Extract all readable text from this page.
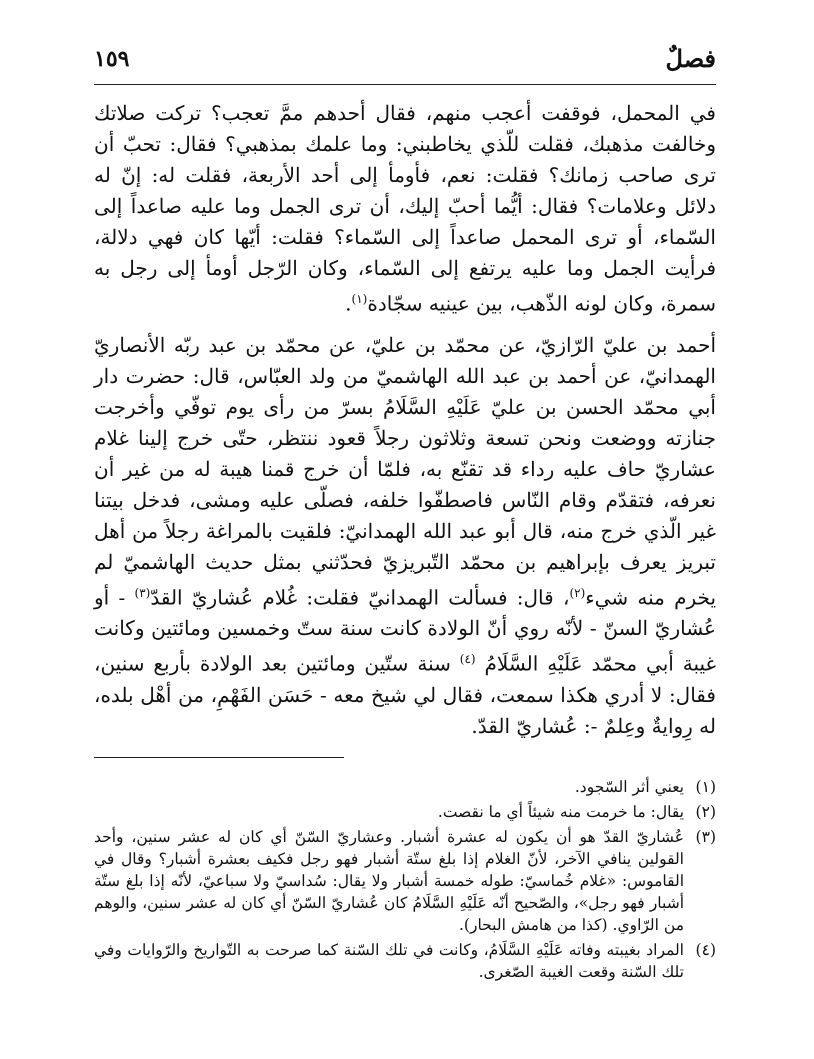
فصلٌ
١٥٩

في المحمل، فوقفت أعجب منهم، فقال أحدهم ممَّ تعجب؟ تركت صلاتك وخالفت مذهبك، فقلت للّذي يخاطبني: وما علمك بمذهبي؟ فقال: تحبّ أن ترى صاحب زمانك؟ فقلت: نعم، فأومأ إلى أحد الأربعة، فقلت له: إنّ له دلائل وعلامات؟ فقال: أيُّما أحبّ إليك، أن ترى الجمل وما عليه صاعداً إلى السّماء، أو ترى المحمل صاعداً إلى السّماء؟ فقلت: أيّها كان فهي دلالة، فرأيت الجمل وما عليه يرتفع إلى السّماء، وكان الرّجل أومأ إلى رجل به سمرة، وكان لونه الذّهب، بين عينيه سجّادة$^{(١)}$.

أحمد بن عليّ الرّازيّ، عن محمّد بن عليّ، عن محمّد بن عبد ربّه الأنصاريّ الهمدانيّ، عن أحمد بن عبد الله الهاشميّ من ولد العبّاس، قال: حضرت دار أبي محمّد الحسن بن عليّ عَلَيْهِ السَّلَامُ بسرّ من رأى يوم توفّي وأخرجت جنازته ووضعت ونحن تسعة وثلاثون رجلاً قعود ننتظر، حتّى خرج إلينا غلام عشاريّ حاف عليه رداء قد تقنّع به، فلمّا أن خرج قمنا هيبة له من غير أن نعرفه، فتقدّم وقام النّاس فاصطفّوا خلفه، فصلّى عليه ومشى، فدخل بيتنا غير الّذي خرج منه، قال أبو عبد الله الهمدانيّ: فلقيت بالمراغة رجلاً من أهل تبريز يعرف بإبراهيم بن محمّد التّبريزيّ فحدّثني بمثل حديث الهاشميّ لم يخرم منه شيء$^{(٢)}$، قال: فسألت الهمدانيّ فقلت: غُلام عُشاريّ القدّ$^{(٣)}$ - أو عُشاريّ السنّ - لأنّه روي أنّ الولادة كانت سنة ستّ وخمسين ومائتين وكانت غيبة أبي محمّد عَلَيْهِ السَّلَامُ $^{(٤)}$ سنة ستّين ومائتين بعد الولادة بأربع سنين، فقال: لا أدري هكذا سمعت، فقال لي شيخ معه - حَسَن الفَهْمِ، من أهْل بلده، له رِوايةٌ وعِلمٌ -: عُشاريّ القدّ.

(١)
يعني أثر السّجود.
(٢)
يقال: ما خرمت منه شيئاً أي ما نقصت.
(٣)
عُشاريّ القدّ هو أن يكون له عشرة أشبار. وعشاريّ السّنّ أي كان له عشر سنين، وأحد القولين ينافي الآخر، لأنّ الغلام إذا بلغ ستّة أشبار فهو رجل فكيف بعشرة أشبار؟ وقال في القاموس: «غلام خُماسيّ: طوله خمسة أشبار ولا يقال: سُداسيّ ولا سباعيّ، لأنّه إذا بلغ ستّة أشبار فهو رجل»، والصّحيح أنّه عَلَيْهِ السَّلَامُ كان عُشاريّ السّنّ أي كان له عشر سنين، والوهم من الرّاوي. (كذا من هامش البحار).
(٤)
المراد بغيبته وفاته عَلَيْهِ السَّلَامُ، وكانت في تلك السّنة كما صرحت به التّواريخ والرّوايات وفي تلك السّنة وقعت الغيبة الصّغرى.
